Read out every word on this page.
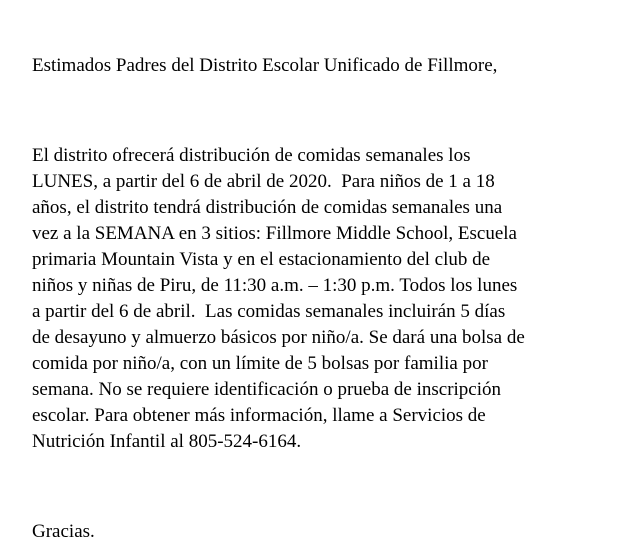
Estimados Padres del Distrito Escolar Unificado de Fillmore,

El distrito ofrecerá distribución de comidas semanales los
LUNES, a partir del 6 de abril de 2020.  Para niños de 1 a 18
años, el distrito tendrá distribución de comidas semanales una
vez a la SEMANA en 3 sitios: Fillmore Middle School, Escuela
primaria Mountain Vista y en el estacionamiento del club de
niños y niñas de Piru, de 11:30 a.m. – 1:30 p.m. Todos los lunes
a partir del 6 de abril.  Las comidas semanales incluirán 5 días
de desayuno y almuerzo básicos por niño/a. Se dará una bolsa de
comida por niño/a, con un límite de 5 bolsas por familia por
semana. No se requiere identificación o prueba de inscripción
escolar. Para obtener más información, llame a Servicios de
Nutrición Infantil al 805-524-6164.

Gracias.
